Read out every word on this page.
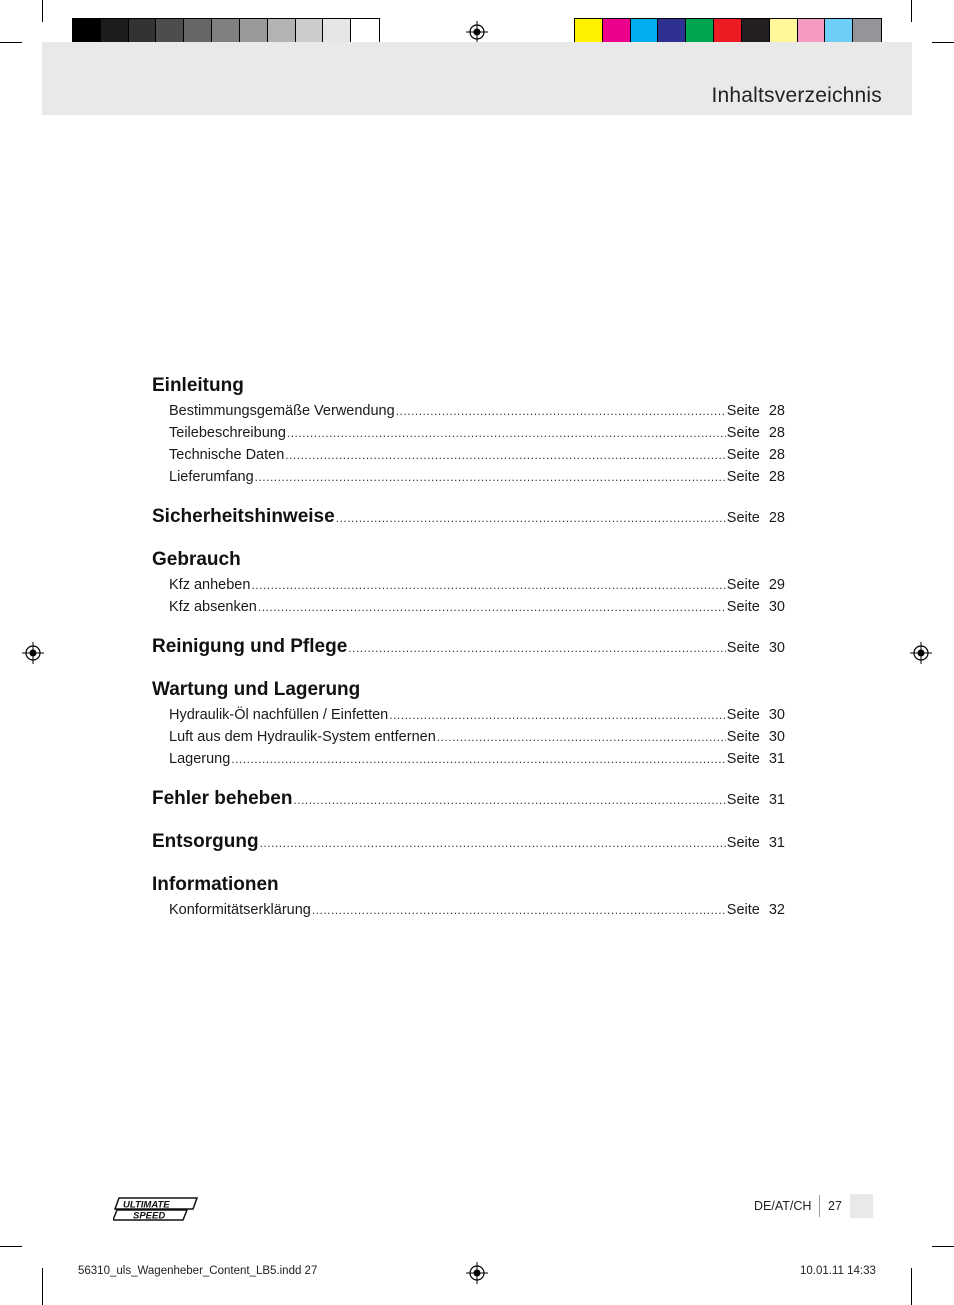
Inhaltsverzeichnis
Einleitung
Bestimmungsgemäße Verwendung .....	Seite 28
Teilebeschreibung .....	Seite 28
Technische Daten .....	Seite 28
Lieferumfang .....	Seite 28
Sicherheitshinweise .....	Seite 28
Gebrauch
Kfz anheben .....	Seite 29
Kfz absenken .....	Seite 30
Reinigung und Pflege .....	Seite 30
Wartung und Lagerung
Hydraulik-Öl nachfüllen / Einfetten .....	Seite 30
Luft aus dem Hydraulik-System entfernen .....	Seite 30
Lagerung .....	Seite 31
Fehler beheben .....	Seite 31
Entsorgung .....	Seite 31
Informationen
Konformitätserklärung .....	Seite 32
ULTIMATE
SPEED
DE/AT/CH 27
56310_uls_Wagenheber_Content_LB5.indd 27	10.01.11 14:33
